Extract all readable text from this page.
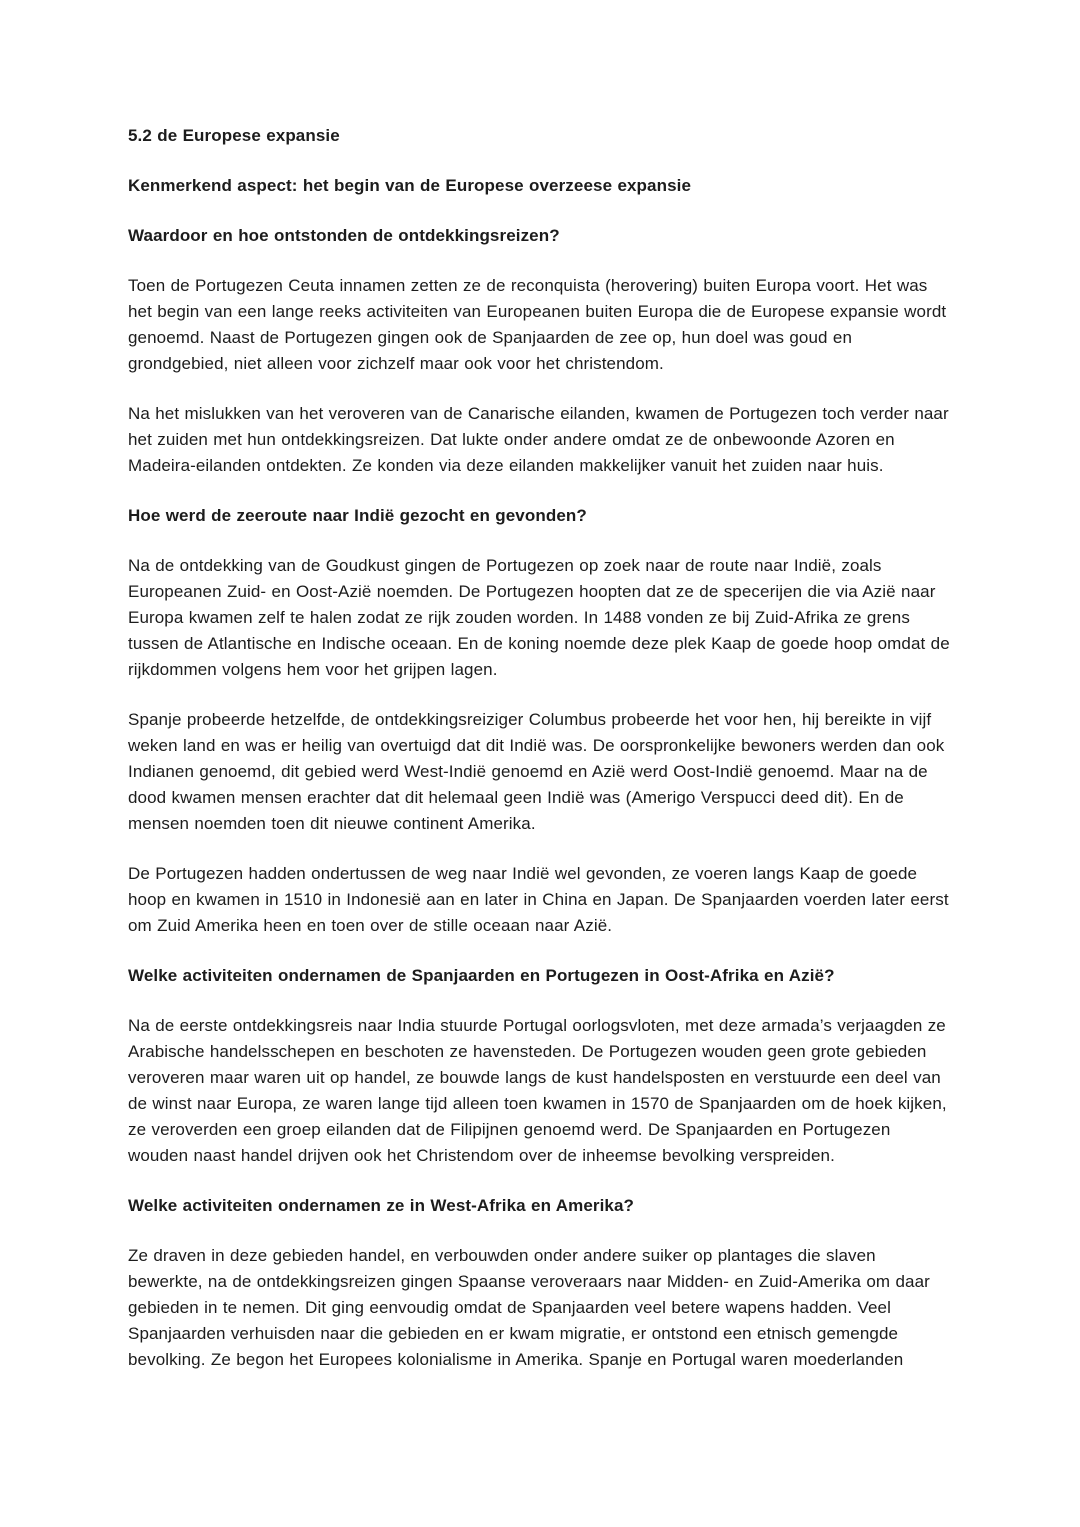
5.2 de Europese expansie
Kenmerkend aspect: het begin van de Europese overzeese expansie
Waardoor en hoe ontstonden de ontdekkingsreizen?

Toen de Portugezen Ceuta innamen zetten ze de reconquista (herovering) buiten Europa voort. Het was het begin van een lange reeks activiteiten van Europeanen buiten Europa die de Europese expansie wordt genoemd. Naast de Portugezen gingen ook de Spanjaarden de zee op, hun doel was goud en grondgebied, niet alleen voor zichzelf maar ook voor het christendom.

Na het mislukken van het veroveren van de Canarische eilanden, kwamen de Portugezen toch verder naar het zuiden met hun ontdekkingsreizen. Dat lukte onder andere omdat ze de onbewoonde Azoren en Madeira-eilanden ontdekten. Ze konden via deze eilanden makkelijker vanuit het zuiden naar huis.

Hoe werd de zeeroute naar Indië gezocht en gevonden?

Na de ontdekking van de Goudkust gingen de Portugezen op zoek naar de route naar Indië, zoals Europeanen Zuid- en Oost-Azië noemden. De Portugezen hoopten dat ze de specerijen die via Azië naar Europa kwamen zelf te halen zodat ze rijk zouden worden. In 1488 vonden ze bij Zuid-Afrika ze grens tussen de Atlantische en Indische oceaan. En de koning noemde deze plek Kaap de goede hoop omdat de rijkdommen volgens hem voor het grijpen lagen.

Spanje probeerde hetzelfde, de ontdekkingsreiziger Columbus probeerde het voor hen, hij bereikte in vijf weken land en was er heilig van overtuigd dat dit Indië was. De oorspronkelijke bewoners werden dan ook Indianen genoemd, dit gebied werd West-Indië genoemd en Azië werd Oost-Indië genoemd. Maar na de dood kwamen mensen erachter dat dit helemaal geen Indië was (Amerigo Verspucci deed dit). En de mensen noemden toen dit nieuwe continent Amerika.

De Portugezen hadden ondertussen de weg naar Indië wel gevonden, ze voeren langs Kaap de goede hoop en kwamen in 1510 in Indonesië aan en later in China en Japan. De Spanjaarden voerden later eerst om Zuid Amerika heen en toen over de stille oceaan naar Azië.

Welke activiteiten ondernamen de Spanjaarden en Portugezen in Oost-Afrika en Azië?

Na de eerste ontdekkingsreis naar India stuurde Portugal oorlogsvloten, met deze armada’s verjaagden ze Arabische handelsschepen en beschoten ze havensteden. De Portugezen wouden geen grote gebieden veroveren maar waren uit op handel, ze bouwde langs de kust handelsposten en verstuurde een deel van de winst naar Europa, ze waren lange tijd alleen toen kwamen in 1570 de Spanjaarden om de hoek kijken, ze veroverden een groep eilanden dat de Filipijnen genoemd werd. De Spanjaarden en Portugezen wouden naast handel drijven ook het Christendom over de inheemse bevolking verspreiden.

Welke activiteiten ondernamen ze in West-Afrika en Amerika?

Ze draven in deze gebieden handel, en verbouwden onder andere suiker op plantages die slaven bewerkte, na de ontdekkingsreizen gingen Spaanse veroveraars naar Midden- en Zuid-Amerika om daar gebieden in te nemen. Dit ging eenvoudig omdat de Spanjaarden veel betere wapens hadden. Veel Spanjaarden verhuisden naar die gebieden en er kwam migratie, er ontstond een etnisch gemengde bevolking. Ze begon het Europees kolonialisme in Amerika. Spanje en Portugal waren moederlanden
